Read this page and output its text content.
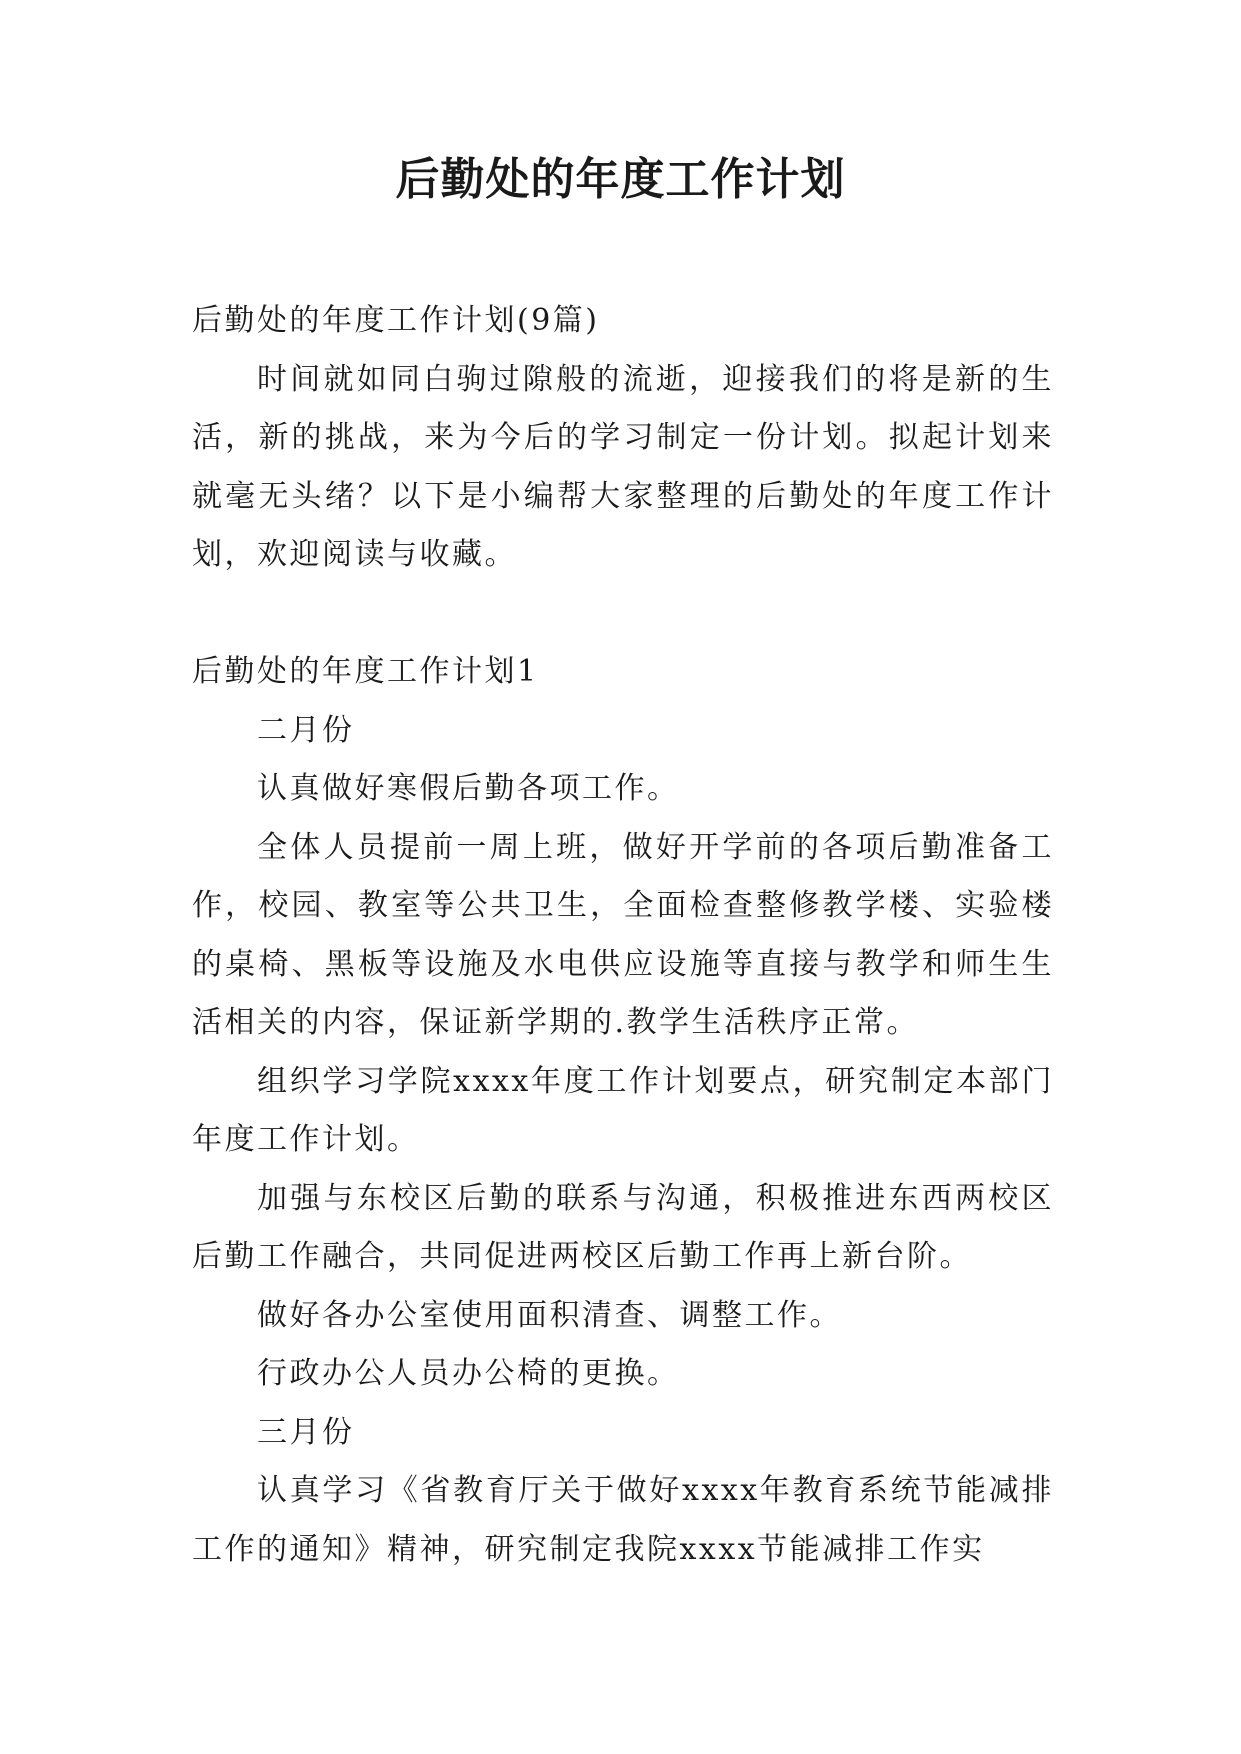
后勤处的年度工作计划

后勤处的年度工作计划(9篇)

时间就如同白驹过隙般的流逝，迎接我们的将是新的生活，新的挑战，来为今后的学习制定一份计划。拟起计划来就毫无头绪？以下是小编帮大家整理的后勤处的年度工作计划，欢迎阅读与收藏。

后勤处的年度工作计划1

二月份

认真做好寒假后勤各项工作。

全体人员提前一周上班，做好开学前的各项后勤准备工作，校园、教室等公共卫生，全面检查整修教学楼、实验楼的桌椅、黑板等设施及水电供应设施等直接与教学和师生生活相关的内容，保证新学期的.教学生活秩序正常。

组织学习学院xxxx年度工作计划要点，研究制定本部门年度工作计划。

加强与东校区后勤的联系与沟通，积极推进东西两校区后勤工作融合，共同促进两校区后勤工作再上新台阶。

做好各办公室使用面积清查、调整工作。

行政办公人员办公椅的更换。

三月份

认真学习《省教育厅关于做好xxxx年教育系统节能减排工作的通知》精神，研究制定我院xxxx节能减排工作实
